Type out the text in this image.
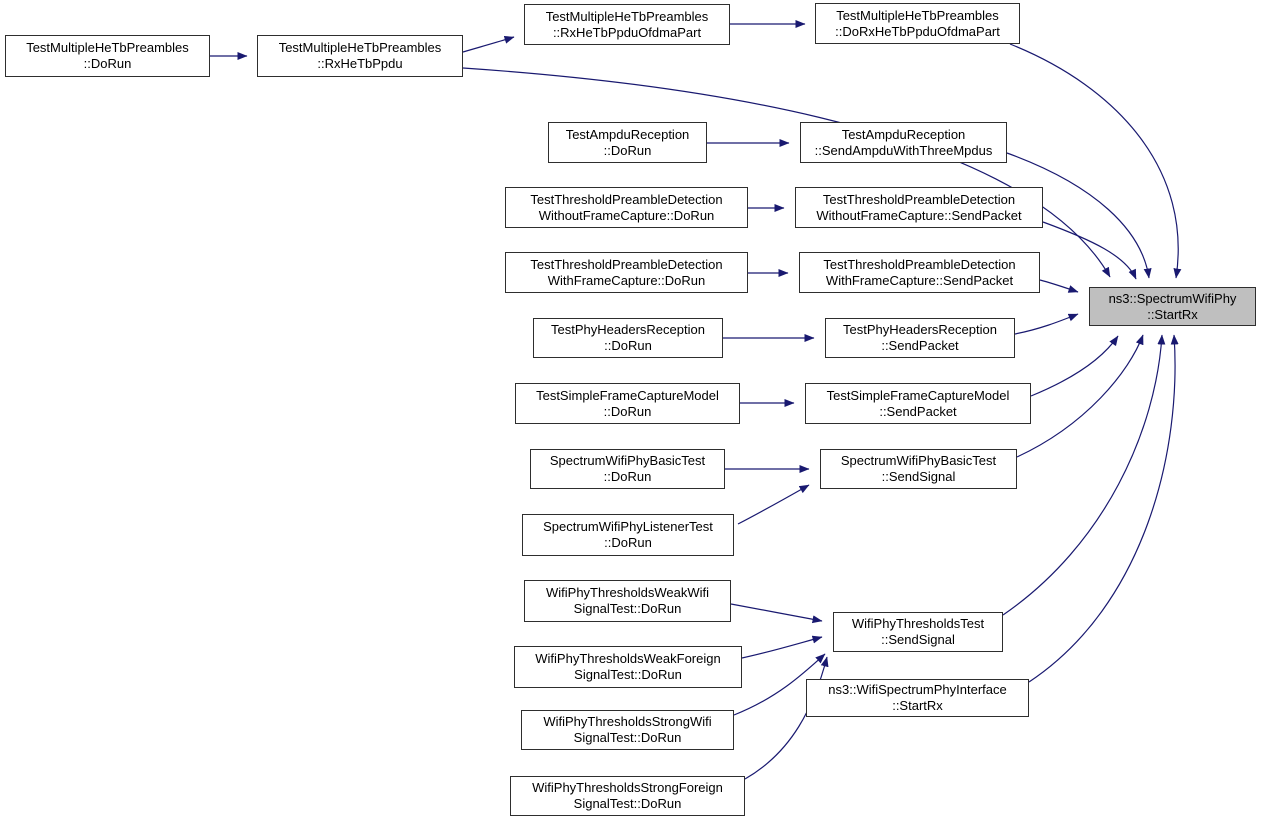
TestMultipleHeTbPreambles
::DoRun
TestMultipleHeTbPreambles
::RxHeTbPpdu
TestMultipleHeTbPreambles
::RxHeTbPpduOfdmaPart
TestMultipleHeTbPreambles
::DoRxHeTbPpduOfdmaPart
TestAmpduReception
::DoRun
TestAmpduReception
::SendAmpduWithThreeMpdus
TestThresholdPreambleDetection
WithoutFrameCapture::DoRun
TestThresholdPreambleDetection
WithoutFrameCapture::SendPacket
TestThresholdPreambleDetection
WithFrameCapture::DoRun
TestThresholdPreambleDetection
WithFrameCapture::SendPacket
TestPhyHeadersReception
::DoRun
TestPhyHeadersReception
::SendPacket
TestSimpleFrameCaptureModel
::DoRun
TestSimpleFrameCaptureModel
::SendPacket
SpectrumWifiPhyBasicTest
::DoRun
SpectrumWifiPhyBasicTest
::SendSignal
SpectrumWifiPhyListenerTest
::DoRun
WifiPhyThresholdsWeakWifi
SignalTest::DoRun
WifiPhyThresholdsWeakForeign
SignalTest::DoRun
WifiPhyThresholdsStrongWifi
SignalTest::DoRun
WifiPhyThresholdsStrongForeign
SignalTest::DoRun
WifiPhyThresholdsTest
::SendSignal
ns3::WifiSpectrumPhyInterface
::StartRx
ns3::SpectrumWifiPhy
::StartRx
